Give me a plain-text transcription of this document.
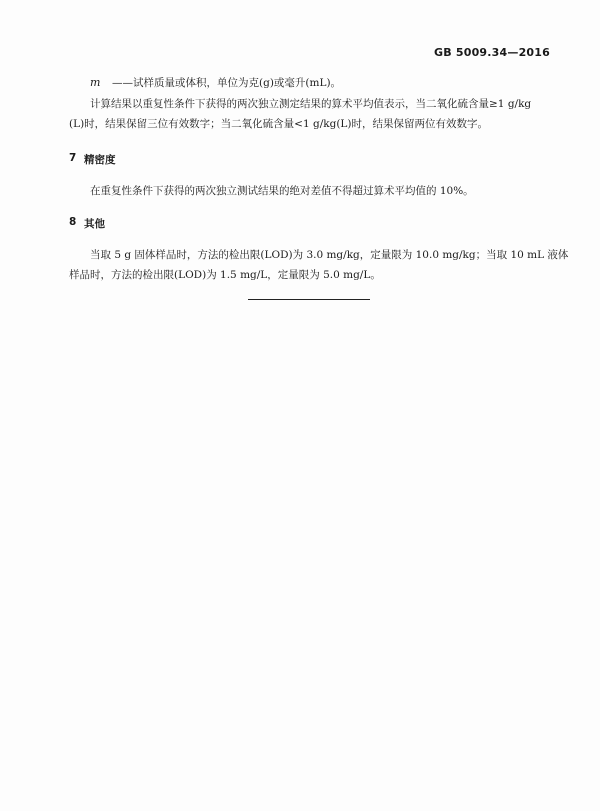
GB 5009.34—2016
m ——试样质量或体积，单位为克(g)或毫升(mL)。
计算结果以重复性条件下获得的两次独立测定结果的算术平均值表示，当二氧化硫含量≥1 g/kg
(L)时，结果保留三位有效数字；当二氧化硫含量<1 g/kg(L)时，结果保留两位有效数字。
7 精密度
在重复性条件下获得的两次独立测试结果的绝对差值不得超过算术平均值的 10%。
8 其他
当取 5 g 固体样品时，方法的检出限(LOD)为 3.0 mg/kg，定量限为 10.0 mg/kg；当取 10 mL 液体
样品时，方法的检出限(LOD)为 1.5 mg/L，定量限为 5.0 mg/L。
